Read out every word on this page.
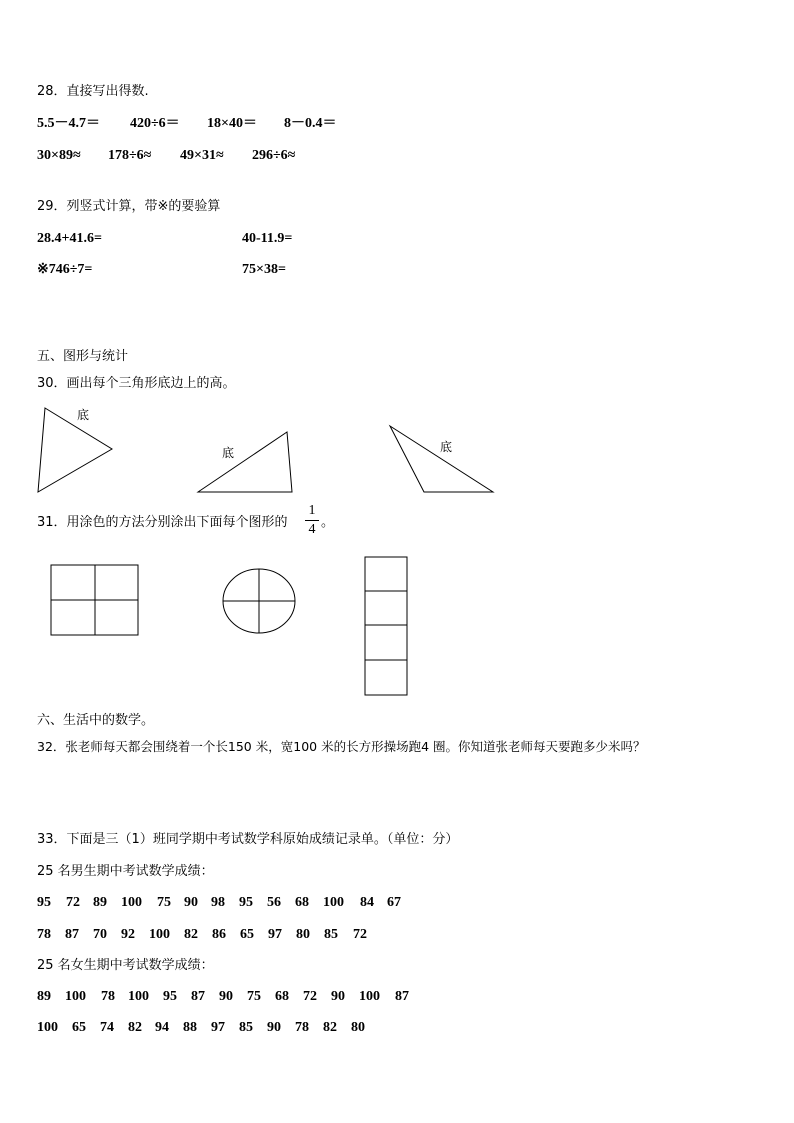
28．直接写出得数.
5.5－4.7＝ 420÷6＝ 18×40＝ 8－0.4＝
30×89≈ 178÷6≈ 49×31≈ 296÷6≈
29．列竖式计算，带※的要验算
28.4+41.6=	40-11.9=
※746÷7=	75×38=
五、图形与统计
30．画出每个三角形底边上的高。
底
底	底
31．用涂色的方法分别涂出下面每个图形的
1
4 。
六、生活中的数学。
32．张老师每天都会围绕着一个长150 米，宽100 米的长方形操场跑4 圈。你知道张老师每天要跑多少米吗？
33．下面是三（1）班同学期中考试数学科原始成绩记录单。（单位：分）
25 名男生期中考试数学成绩：
95 72 89 100 75 90 98 95 56 68 100 84 67
78 87 70 92 100 82 86 65 97 80 85 72
25 名女生期中考试数学成绩：
89 100 78 100 95 87 90 75 68 72 90 100 87
100 65 74 82 94 88 97 85 90 78 82 80
